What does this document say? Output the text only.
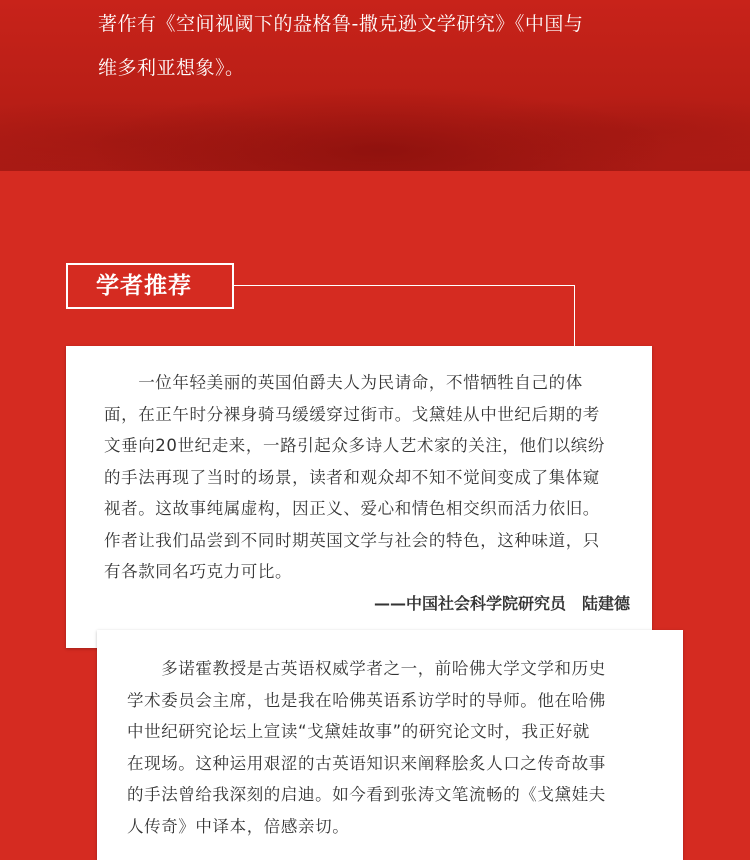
著作有《空间视阈下的盎格鲁-撒克逊文学研究》《中国与
维多利亚想象》。
学者推荐
　　一位年轻美丽的英国伯爵夫人为民请命，不惜牺牲自己的体
面，在正午时分裸身骑马缓缓穿过街市。戈黛娃从中世纪后期的考
文垂向20世纪走来，一路引起众多诗人艺术家的关注，他们以缤纷
的手法再现了当时的场景，读者和观众却不知不觉间变成了集体窥
视者。这故事纯属虚构，因正义、爱心和情色相交织而活力依旧。
作者让我们品尝到不同时期英国文学与社会的特色，这种味道，只
有各款同名巧克力可比。
——中国社会科学院研究员　陆建德
　　多诺霍教授是古英语权威学者之一，前哈佛大学文学和历史
学术委员会主席，也是我在哈佛英语系访学时的导师。他在哈佛
中世纪研究论坛上宣读“戈黛娃故事”的研究论文时，我正好就
在现场。这种运用艰涩的古英语知识来阐释脍炙人口之传奇故事
的手法曾给我深刻的启迪。如今看到张涛文笔流畅的《戈黛娃夫
人传奇》中译本，倍感亲切。
